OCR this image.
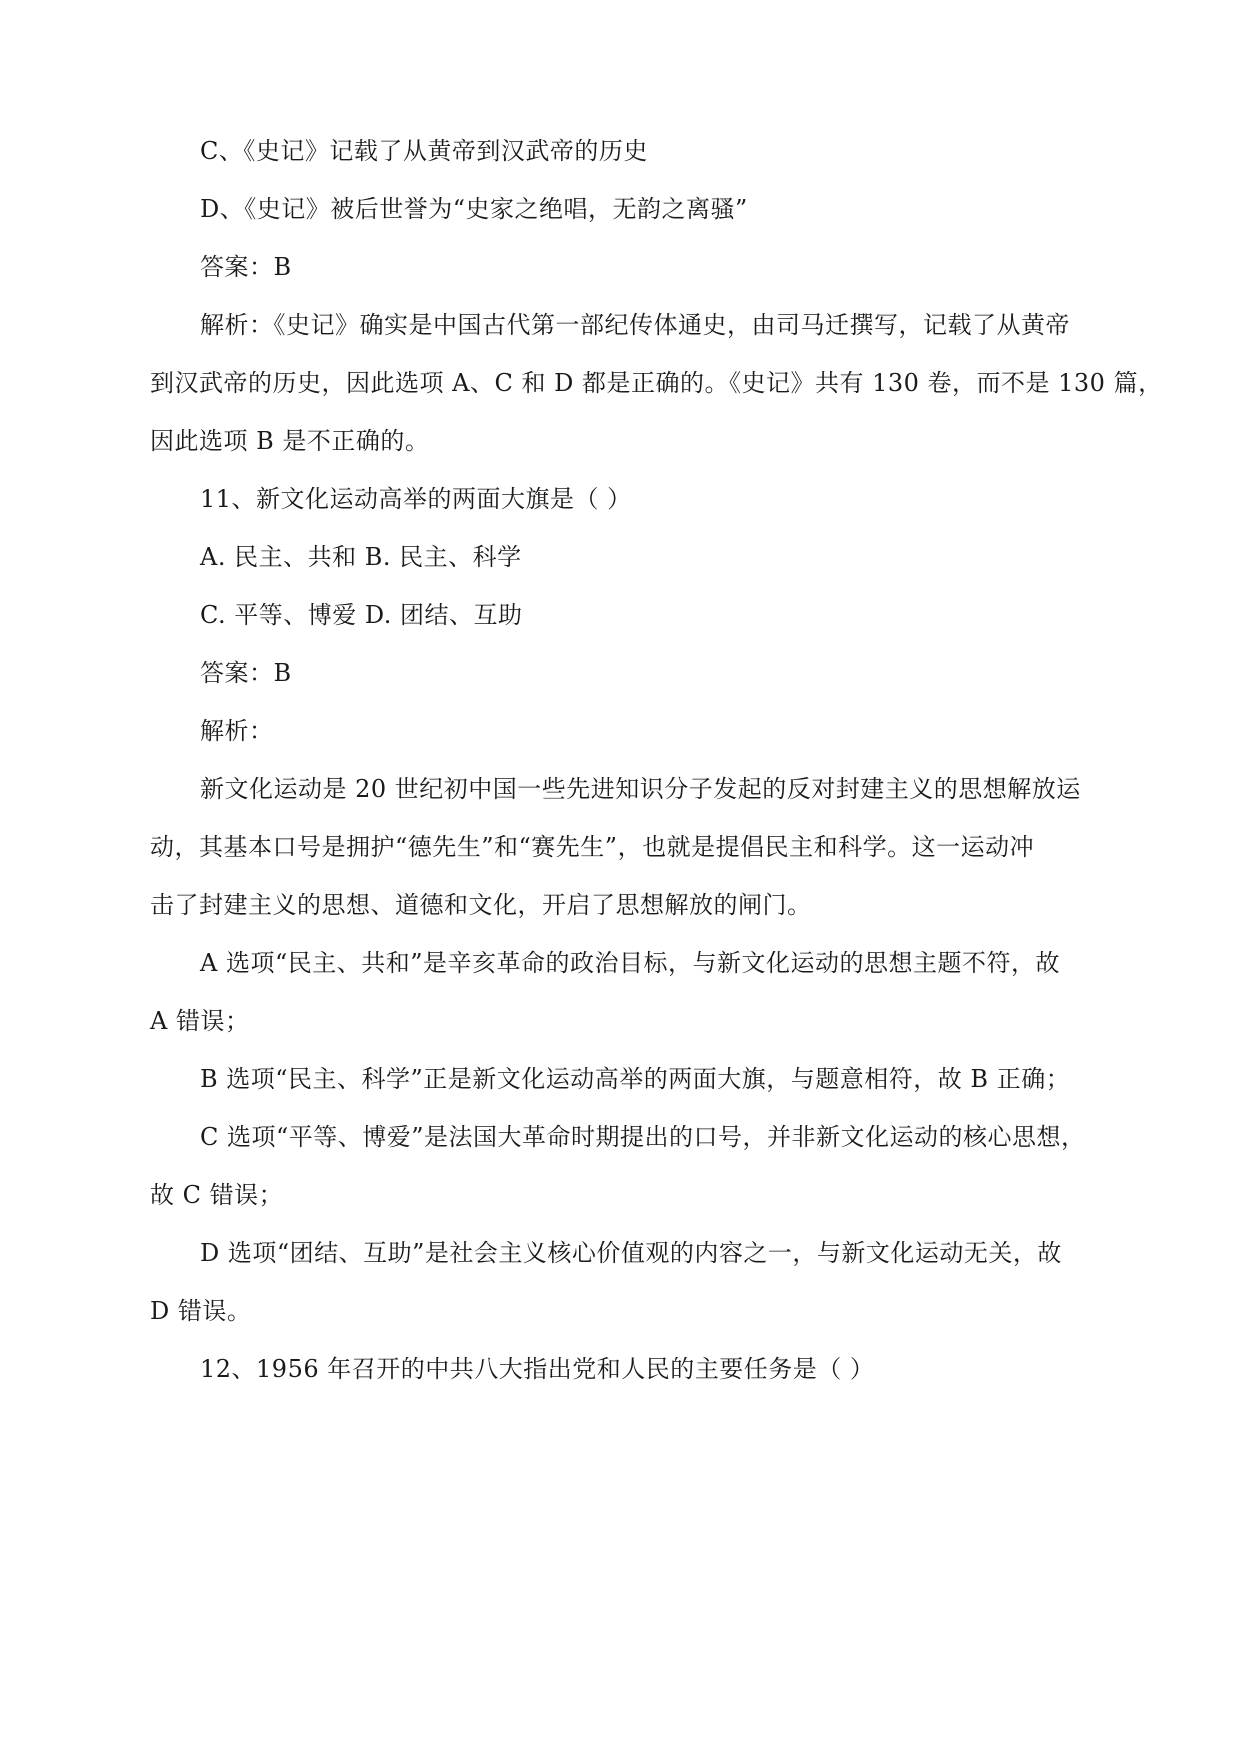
C、《史记》记载了从黄帝到汉武帝的历史
D、《史记》被后世誉为“史家之绝唱，无韵之离骚”
答案：B
解析：《史记》确实是中国古代第一部纪传体通史，由司马迁撰写，记载了从黄帝
到汉武帝的历史，因此选项 A、C 和 D 都是正确的。《史记》共有 130 卷，而不是 130 篇，
因此选项 B 是不正确的。
11、新文化运动高举的两面大旗是（ ）
A. 民主、共和 B. 民主、科学
C. 平等、博爱 D. 团结、互助
答案：B
解析：
新文化运动是 20 世纪初中国一些先进知识分子发起的反对封建主义的思想解放运
动，其基本口号是拥护“德先生”和“赛先生”，也就是提倡民主和科学。这一运动冲
击了封建主义的思想、道德和文化，开启了思想解放的闸门。
A 选项“民主、共和”是辛亥革命的政治目标，与新文化运动的思想主题不符，故
A 错误；
B 选项“民主、科学”正是新文化运动高举的两面大旗，与题意相符，故 B 正确；
C 选项“平等、博爱”是法国大革命时期提出的口号，并非新文化运动的核心思想，
故 C 错误；
D 选项“团结、互助”是社会主义核心价值观的内容之一，与新文化运动无关，故
D 错误。
12、1956 年召开的中共八大指出党和人民的主要任务是（ ）
